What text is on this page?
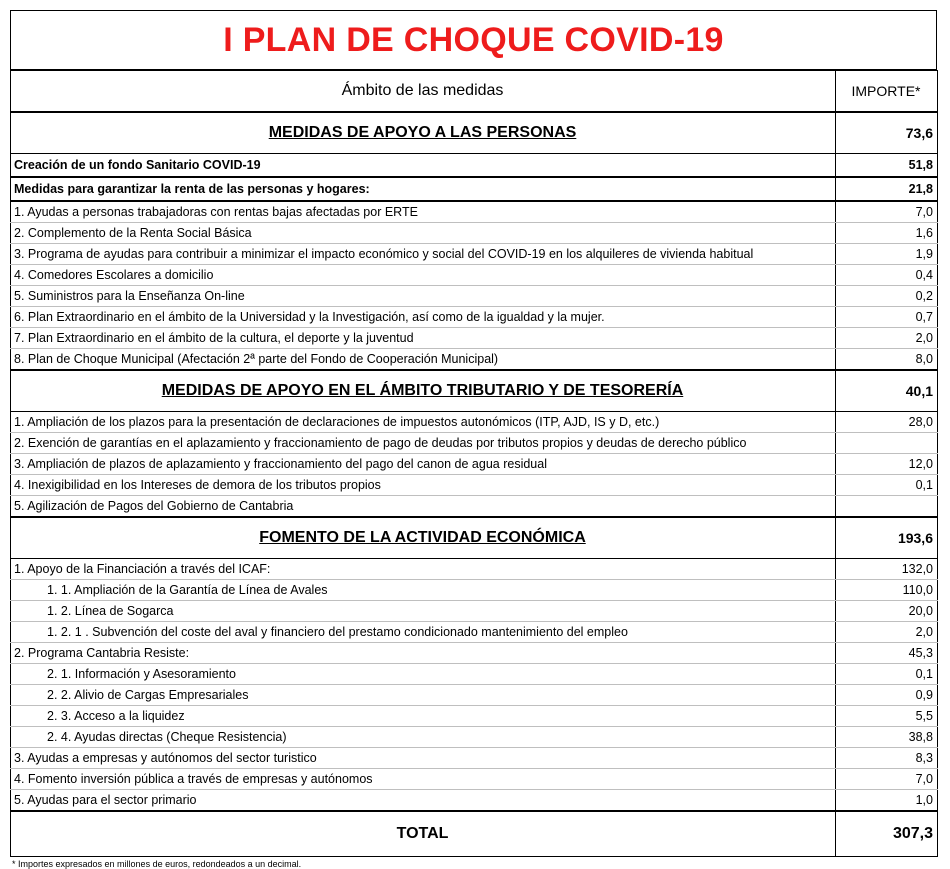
I PLAN DE CHOQUE COVID-19
Ámbito de las medidas	IMPORTE*
MEDIDAS DE APOYO A LAS PERSONAS	73,6
Creación de un fondo Sanitario COVID-19	51,8
Medidas para garantizar la renta de las personas y hogares:	21,8
1. Ayudas a personas trabajadoras con rentas bajas afectadas por ERTE	7,0
2. Complemento de la Renta Social Básica	1,6
3. Programa de ayudas para contribuir a minimizar el impacto económico y social del COVID-19 en los alquileres de vivienda habitual	1,9
4. Comedores Escolares a domicilio	0,4
5. Suministros para la Enseñanza On-line	0,2
6. Plan Extraordinario en el ámbito de la Universidad y la Investigación, así como de la igualdad y la mujer.	0,7
7. Plan Extraordinario en el ámbito de la cultura, el deporte y la juventud	2,0
8. Plan de Choque Municipal (Afectación 2ª parte del Fondo de Cooperación Municipal)	8,0
MEDIDAS DE APOYO EN EL ÁMBITO TRIBUTARIO Y DE TESORERÍA	40,1
1. Ampliación de los plazos para la presentación de declaraciones de impuestos autonómicos (ITP, AJD, IS y D, etc.)	28,0
2. Exención de garantías en el aplazamiento y fraccionamiento de pago de deudas por tributos propios y deudas de derecho público	
3. Ampliación de plazos de aplazamiento y fraccionamiento del pago del canon de agua residual	12,0
4. Inexigibilidad en los Intereses de demora de los tributos propios	0,1
5. Agilización de Pagos del Gobierno de Cantabria	
FOMENTO DE LA ACTIVIDAD ECONÓMICA	193,6
1. Apoyo de la Financiación a través del ICAF:	132,0
1. 1. Ampliación de la Garantía de Línea de Avales	110,0
1. 2. Línea de Sogarca	20,0
1. 2. 1 . Subvención del coste del aval y financiero del prestamo condicionado mantenimiento del empleo	2,0
2. Programa Cantabria Resiste:	45,3
2. 1. Información y Asesoramiento	0,1
2. 2. Alivio de Cargas Empresariales	0,9
2. 3. Acceso a la liquidez	5,5
2. 4. Ayudas directas (Cheque Resistencia)	38,8
3. Ayudas a empresas y autónomos del sector turistico	8,3
4. Fomento inversión pública a través de empresas y autónomos	7,0
5. Ayudas para el sector primario	1,0
TOTAL	307,3
* Importes expresados en millones de euros, redondeados a un decimal.
